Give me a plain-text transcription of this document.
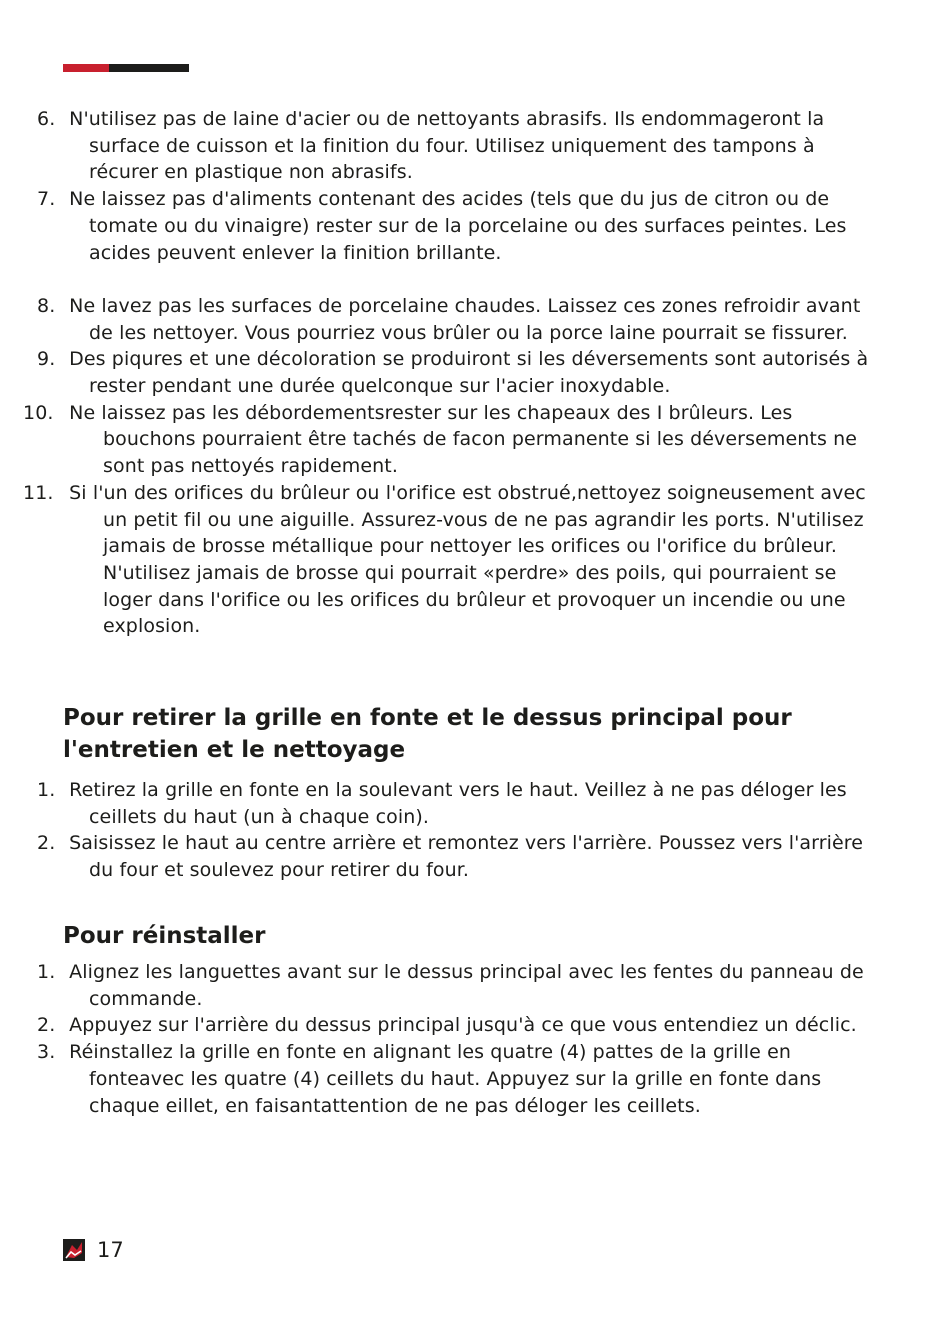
6. N'utilisez pas de laine d'acier ou de nettoyants abrasifs. Ils endommageront la surface de cuisson et la finition du four. Utilisez uniquement des tampons à récurer en plastique non abrasifs.
7. Ne laissez pas d'aliments contenant des acides (tels que du jus de citron ou de tomate ou du vinaigre) rester sur de la porcelaine ou des surfaces peintes. Les acides peuvent enlever la finition brillante.
8. Ne lavez pas les surfaces de porcelaine chaudes. Laissez ces zones refroidir avant de les nettoyer. Vous pourriez vous brûler ou la porce laine pourrait se fissurer.
9. Des piqures et une décoloration se produiront si les déversements sont autorisés à rester pendant une durée quelconque sur l'acier inoxydable.
10. Ne laissez pas les débordementsrester sur les chapeaux des I brûleurs. Les bouchons pourraient être tachés de facon permanente si les déversements ne sont pas nettoyés rapidement.
11. Si l'un des orifices du brûleur ou l'orifice est obstrué,nettoyez soigneusement avec un petit fil ou une aiguille. Assurez-vous de ne pas agrandir les ports. N'utilisez jamais de brosse métallique pour nettoyer les orifices ou l'orifice du brûleur. N'utilisez jamais de brosse qui pourrait «perdre» des poils, qui pourraient se loger dans l'orifice ou les orifices du brûleur et provoquer un incendie ou une explosion.
Pour retirer la grille en fonte et le dessus principal pour l'entretien et le nettoyage
1. Retirez la grille en fonte en la soulevant vers le haut. Veillez à ne pas déloger les ceillets du haut (un à chaque coin).
2. Saisissez le haut au centre arrière et remontez vers l'arrière. Poussez vers l'arrière du four et soulevez pour retirer du four.
Pour réinstaller
1. Alignez les languettes avant sur le dessus principal avec les fentes du panneau de commande.
2. Appuyez sur l'arrière du dessus principal jusqu'à ce que vous entendiez un déclic.
3. Réinstallez la grille en fonte en alignant les quatre (4) pattes de la grille en fonteavec les quatre (4) ceillets du haut. Appuyez sur la grille en fonte dans chaque eillet, en faisantattention de ne pas déloger les ceillets.
17
